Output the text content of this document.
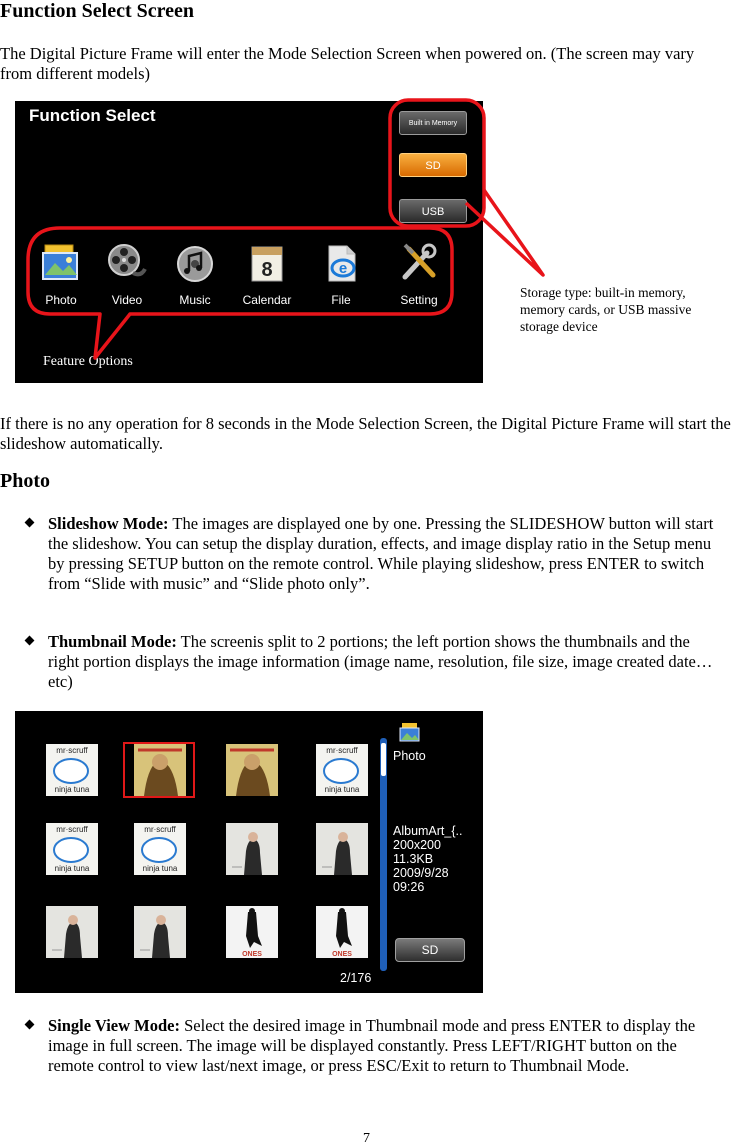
Function Select Screen

The Digital Picture Frame will enter the Mode Selection Screen when powered on. (The screen may vary from different models)

Function Select	Built in Memory
SD
USB
Photo	Video	Music
8
Calendar
e
File	Setting
Feature Options
Storage type: built-in memory, memory cards, or USB massive storage device

If there is no any operation for 8 seconds in the Mode Selection Screen, the Digital Picture Frame will start the slideshow automatically.

Photo
Slideshow Mode: The images are displayed one by one. Pressing the SLIDESHOW button will start the slideshow. You can setup the display duration, effects, and image display ratio in the Setup menu by pressing SETUP button on the remote control. While playing slideshow, press ENTER to switch from “Slide with music” and “Slide photo only”.
Thumbnail Mode: The screenis split to 2 portions; the left portion shows the thumbnails and the right portion displays the image information (image name, resolution, file size, image created date…etc)
mr·scruff
ninja tuna
mr·scruff
ninja tuna
mr·scruff
ninja tuna
mr·scruff
ninja tuna
ONES	ONES
Photo
AlbumArt_{..
200x200
11.3KB
2009/9/28
09:26
SD
2/176
Single View Mode: Select the desired image in Thumbnail mode and press ENTER to display the image in full screen. The image will be displayed constantly. Press LEFT/RIGHT button on the remote control to view last/next image, or press ESC/Exit to return to Thumbnail Mode.
7
